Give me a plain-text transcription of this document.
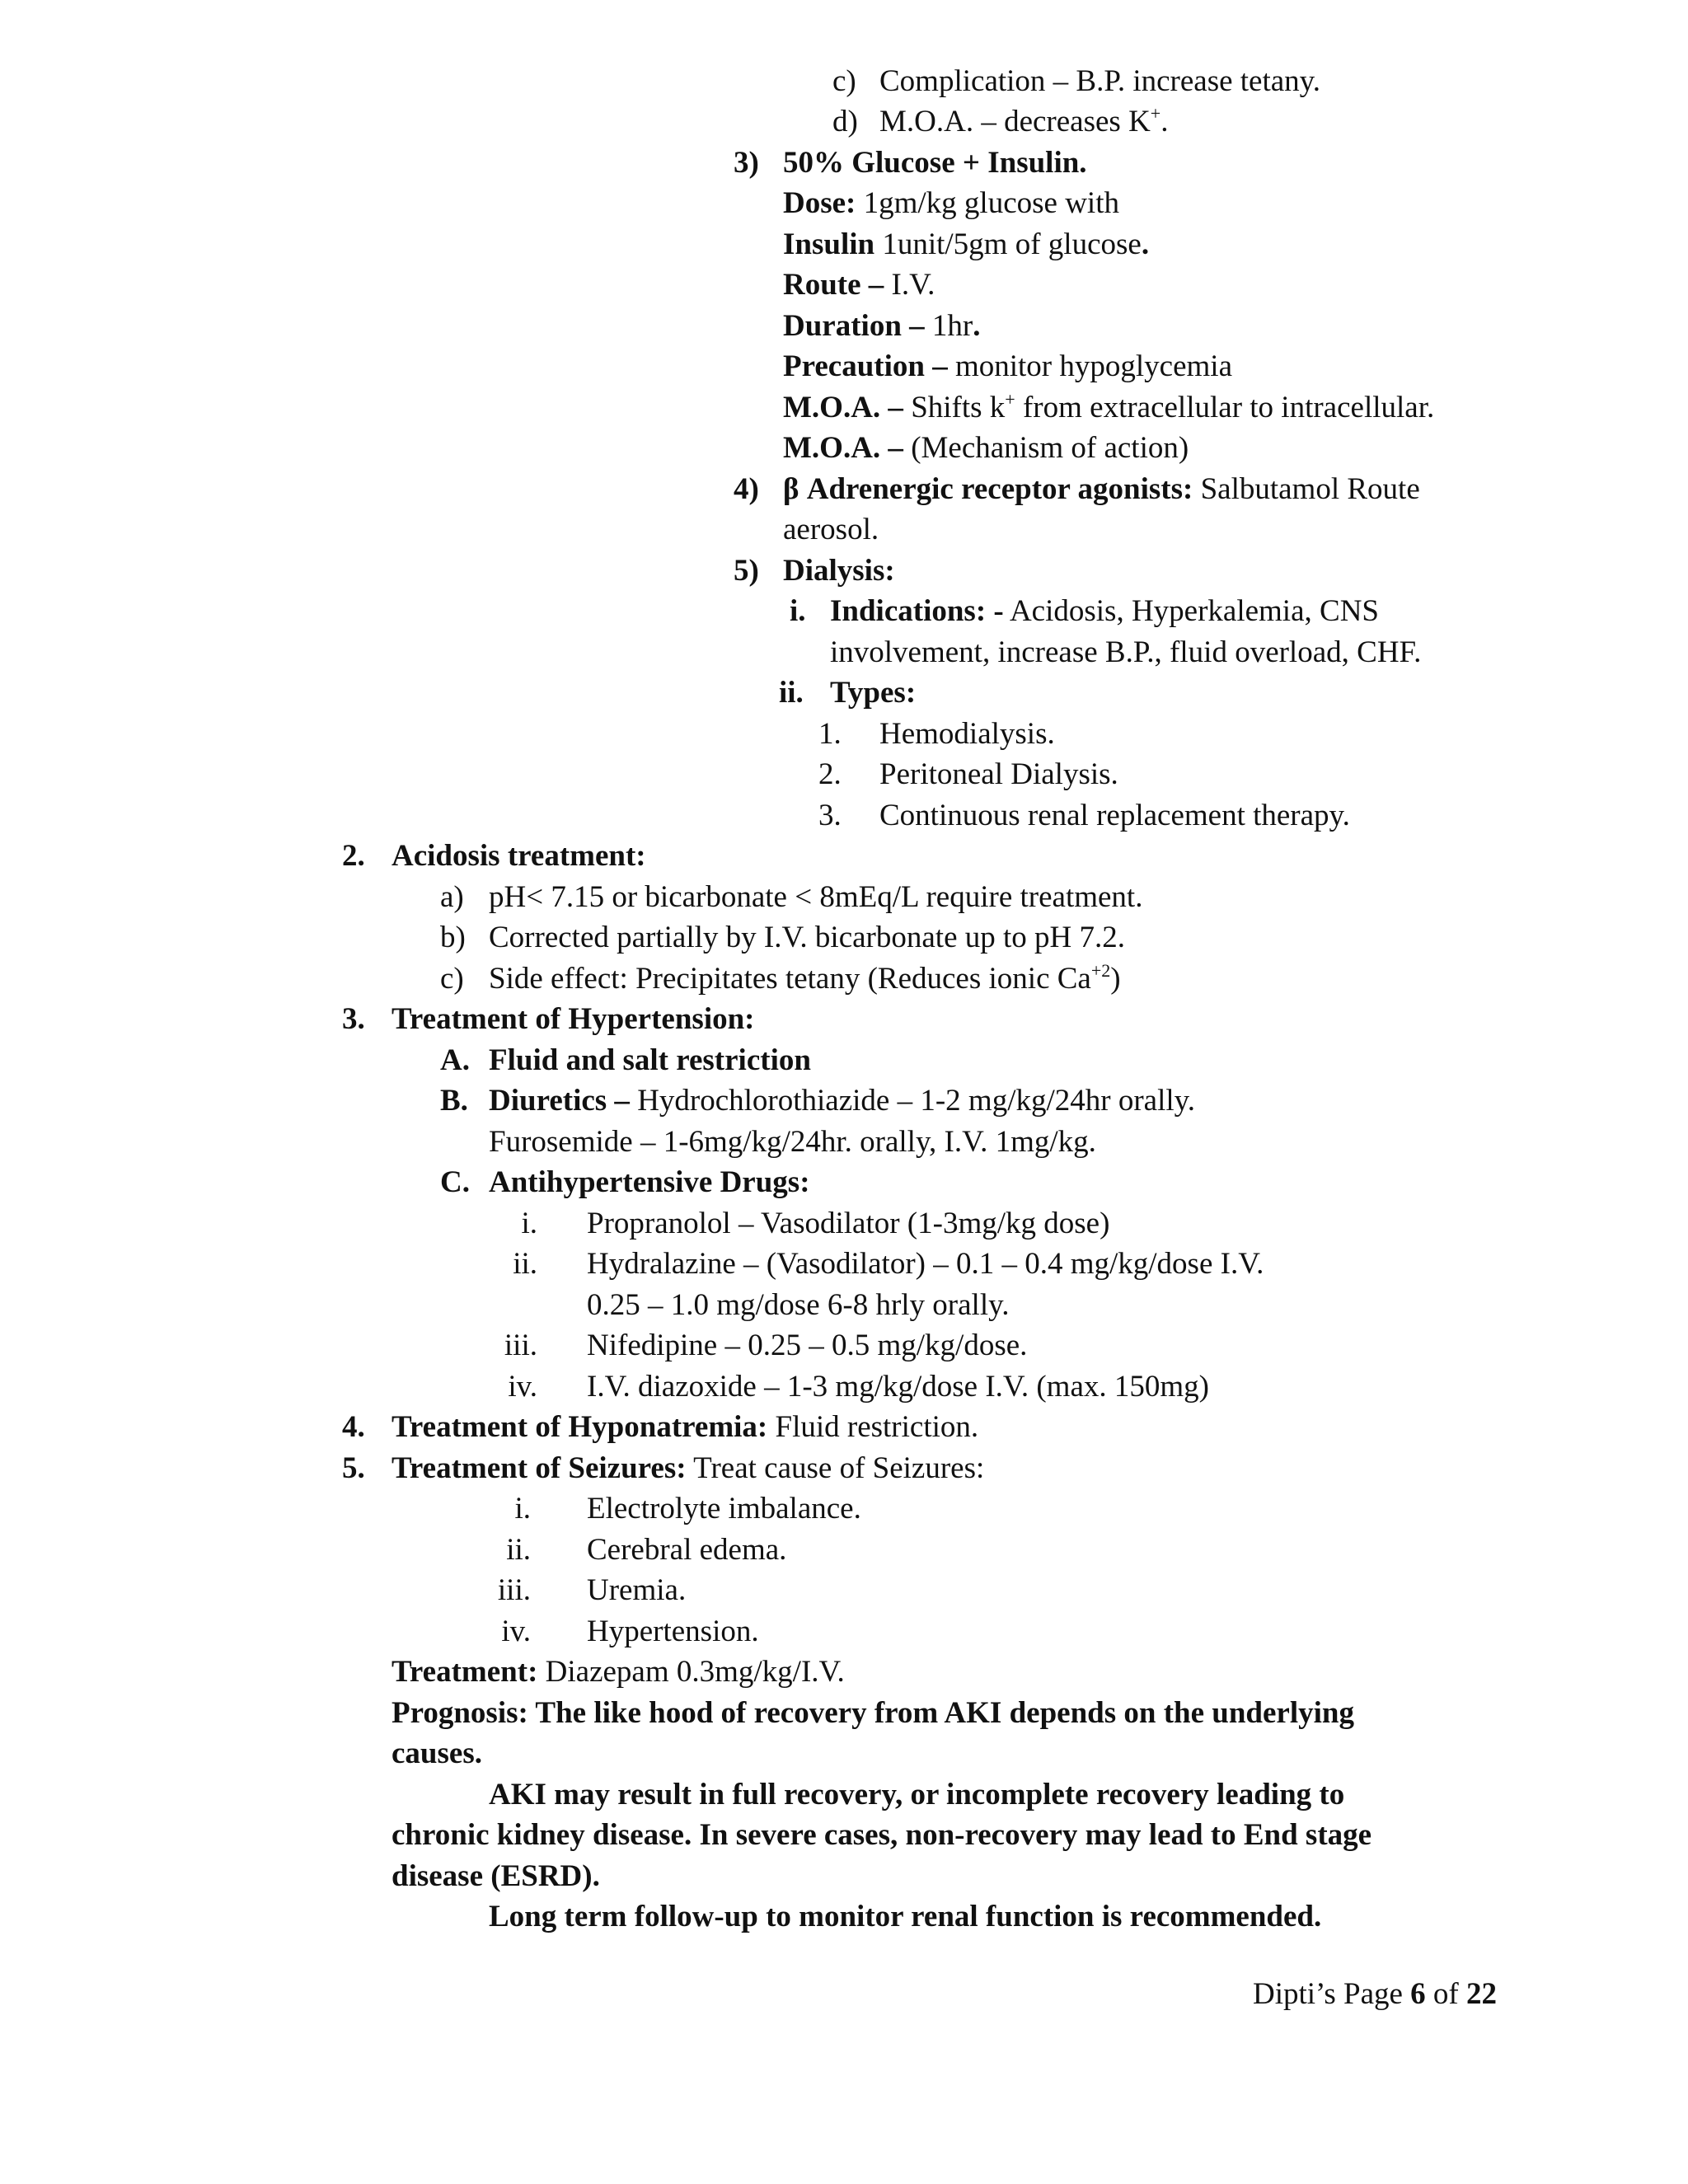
c) Complication – B.P. increase tetany.
d) M.O.A. – decreases K+.
3) 50% Glucose + Insulin.
Dose: 1gm/kg glucose with
Insulin 1unit/5gm of glucose.
Route – I.V.
Duration – 1hr.
Precaution – monitor hypoglycemia
M.O.A. – Shifts k+ from extracellular to intracellular.
M.O.A. – (Mechanism of action)
4) β Adrenergic receptor agonists: Salbutamol Route
aerosol.
5) Dialysis:
i. Indications: - Acidosis, Hyperkalemia, CNS
involvement, increase B.P., fluid overload, CHF.
ii. Types:
1. Hemodialysis.
2. Peritoneal Dialysis.
3. Continuous renal replacement therapy.
2. Acidosis treatment:
a) pH< 7.15 or bicarbonate < 8mEq/L require treatment.
b) Corrected partially by I.V. bicarbonate up to pH 7.2.
c) Side effect: Precipitates tetany (Reduces ionic $Ca^{+2}$)
3. Treatment of Hypertension:
A. Fluid and salt restriction
B. Diuretics – Hydrochlorothiazide – 1-2 mg/kg/24hr orally.
Furosemide – 1-6mg/kg/24hr. orally, I.V. 1mg/kg.
C. Antihypertensive Drugs:
i. Propranolol – Vasodilator (1-3mg/kg dose)
ii. Hydralazine – (Vasodilator) – 0.1 – 0.4 mg/kg/dose I.V.
0.25 – 1.0 mg/dose 6-8 hrly orally.
iii. Nifedipine – 0.25 – 0.5 mg/kg/dose.
iv. I.V. diazoxide – 1-3 mg/kg/dose I.V. (max. 150mg)
4. Treatment of Hyponatremia: Fluid restriction.
5. Treatment of Seizures: Treat cause of Seizures:
i. Electrolyte imbalance.
ii. Cerebral edema.
iii. Uremia.
iv. Hypertension.
Treatment: Diazepam 0.3mg/kg/I.V.
Prognosis: The like hood of recovery from AKI depends on the underlying
causes.
AKI may result in full recovery, or incomplete recovery leading to
chronic kidney disease. In severe cases, non-recovery may lead to End stage
disease (ESRD).
Long term follow-up to monitor renal function is recommended.
Dipti’s Page 6 of 22
